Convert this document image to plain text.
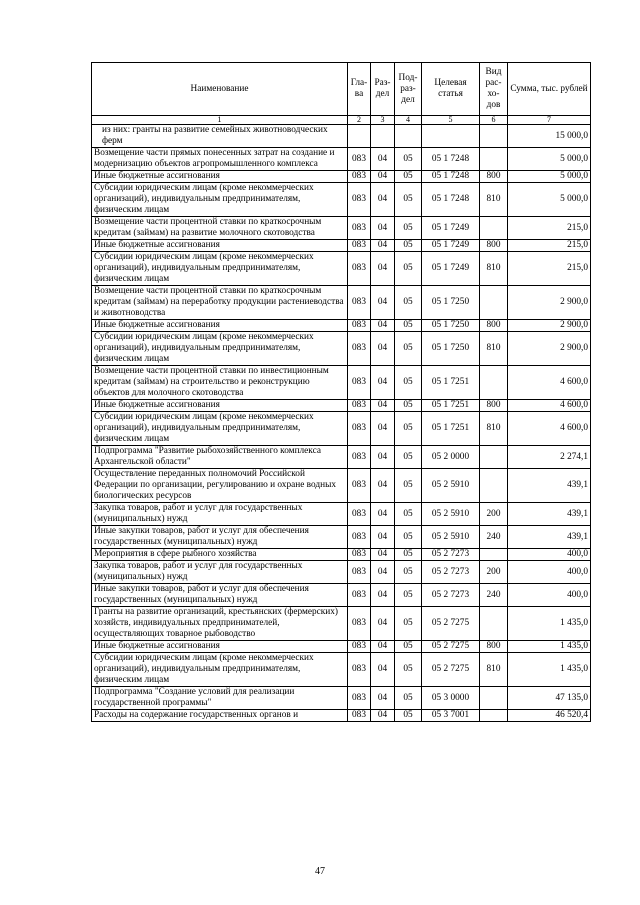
Наименование	Гла-ва	Раз-дел	Под-раз-дел	Целевая статья	Вид рас-хо-дов	Сумма, тыс. рублей
1	2	3	4	5	6	7
из них: гранты на развитие семейных животноводческих ферм						15 000,0
Возмещение части прямых понесенных затрат на создание и модернизацию объектов агропромышленного комплекса	083	04	05	05 1 7248		5 000,0
Иные бюджетные ассигнования	083	04	05	05 1 7248	800	5 000,0
Субсидии юридическим лицам (кроме некоммерческих организаций), индивидуальным предпринимателям, физическим лицам	083	04	05	05 1 7248	810	5 000,0
Возмещение части процентной ставки по краткосрочным кредитам (займам) на развитие молочного скотоводства	083	04	05	05 1 7249		215,0
Иные бюджетные ассигнования	083	04	05	05 1 7249	800	215,0
Субсидии юридическим лицам (кроме некоммерческих организаций), индивидуальным предпринимателям, физическим лицам	083	04	05	05 1 7249	810	215,0
Возмещение части процентной ставки по краткосрочным кредитам (займам) на переработку продукции растениеводства и животноводства	083	04	05	05 1 7250		2 900,0
Иные бюджетные ассигнования	083	04	05	05 1 7250	800	2 900,0
Субсидии юридическим лицам (кроме некоммерческих организаций), индивидуальным предпринимателям, физическим лицам	083	04	05	05 1 7250	810	2 900,0
Возмещение части процентной ставки по инвестиционным кредитам (займам) на строительство и реконструкцию объектов для молочного скотоводства	083	04	05	05 1 7251		4 600,0
Иные бюджетные ассигнования	083	04	05	05 1 7251	800	4 600,0
Субсидии юридическим лицам (кроме некоммерческих организаций), индивидуальным предпринимателям, физическим лицам	083	04	05	05 1 7251	810	4 600,0
Подпрограмма "Развитие рыбохозяйственного комплекса Архангельской области"	083	04	05	05 2 0000		2 274,1
Осуществление переданных полномочий Российской Федерации по организации, регулированию и охране водных биологических ресурсов	083	04	05	05 2 5910		439,1
Закупка товаров, работ и услуг для государственных (муниципальных) нужд	083	04	05	05 2 5910	200	439,1
Иные закупки товаров, работ и услуг для обеспечения государственных (муниципальных) нужд	083	04	05	05 2 5910	240	439,1
Мероприятия в сфере рыбного хозяйства	083	04	05	05 2 7273		400,0
Закупка товаров, работ и услуг для государственных (муниципальных) нужд	083	04	05	05 2 7273	200	400,0
Иные закупки товаров, работ и услуг для обеспечения государственных (муниципальных) нужд	083	04	05	05 2 7273	240	400,0
Гранты на развитие организаций, крестьянских (фермерских) хозяйств, индивидуальных предпринимателей, осуществляющих товарное рыбоводство	083	04	05	05 2 7275		1 435,0
Иные бюджетные ассигнования	083	04	05	05 2 7275	800	1 435,0
Субсидии юридическим лицам (кроме некоммерческих организаций), индивидуальным предпринимателям, физическим лицам	083	04	05	05 2 7275	810	1 435,0
Подпрограмма "Создание условий для реализации государственной программы"	083	04	05	05 3 0000		47 135,0
Расходы на содержание государственных органов и	083	04	05	05 3 7001		46 520,4
47
